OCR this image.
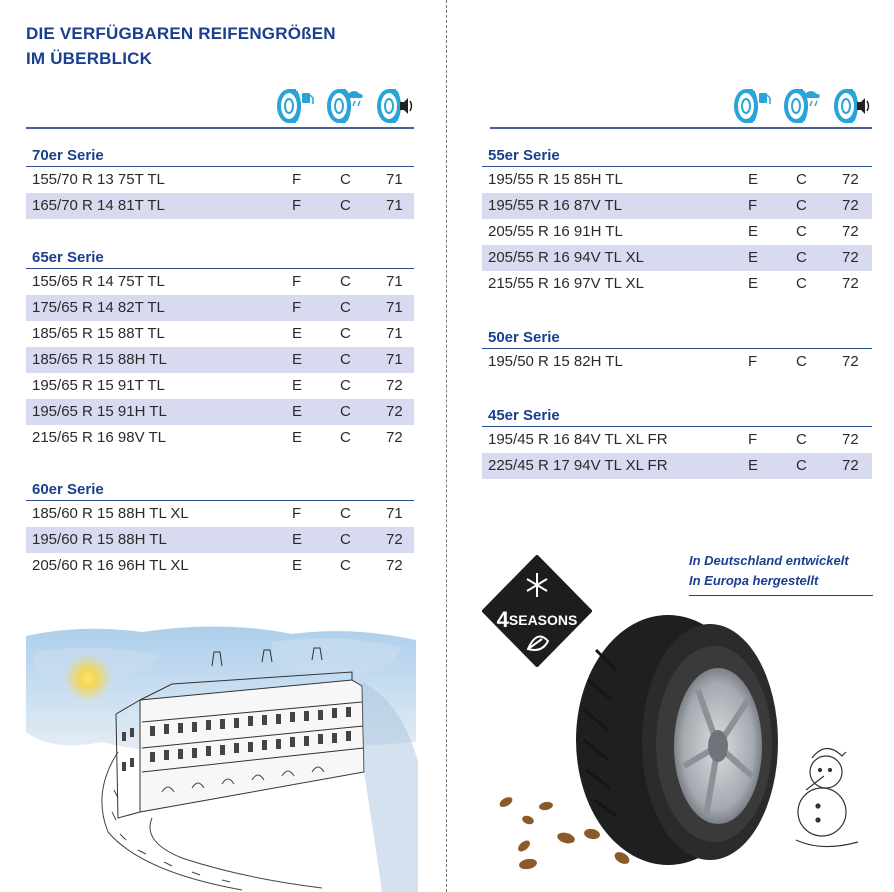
DIE VERFÜGBAREN REIFENGRÖßEN
IM ÜBERBLICK
70er Serie
155/70 R 13 75T TL	F	C 71
165/70 R 14 81T TL	F	C 71
65er Serie
155/65 R 14 75T TL	F	C 71
175/65 R 14 82T TL	F	C 71
185/65 R 15 88T TL	E	C 71
185/65 R 15 88H TL	E	C 71
195/65 R 15 91T TL	E	C 72
195/65 R 15 91H TL	E	C 72
215/65 R 16 98V TL	E	C 72
60er Serie
185/60 R 15 88H TL XL	F	C 71
195/60 R 15 88H TL	E	C 72
205/60 R 16 96H TL XL	E	C 72
55er Serie
195/55 R 15 85H TL	E	C 72
195/55 R 16 87V TL	F	C 72
205/55 R 16 91H TL	E	C 72
205/55 R 16 94V TL XL	E	C 72
215/55 R 16 97V TL XL	E	C 72
50er Serie
195/50 R 15 82H TL	F	C 72
45er Serie
195/45 R 16 84V TL XL FR	F	C 72
225/45 R 17 94V TL XL FR	E	C 72
4SEASONS
In Deutschland entwickelt
In Europa hergestellt
